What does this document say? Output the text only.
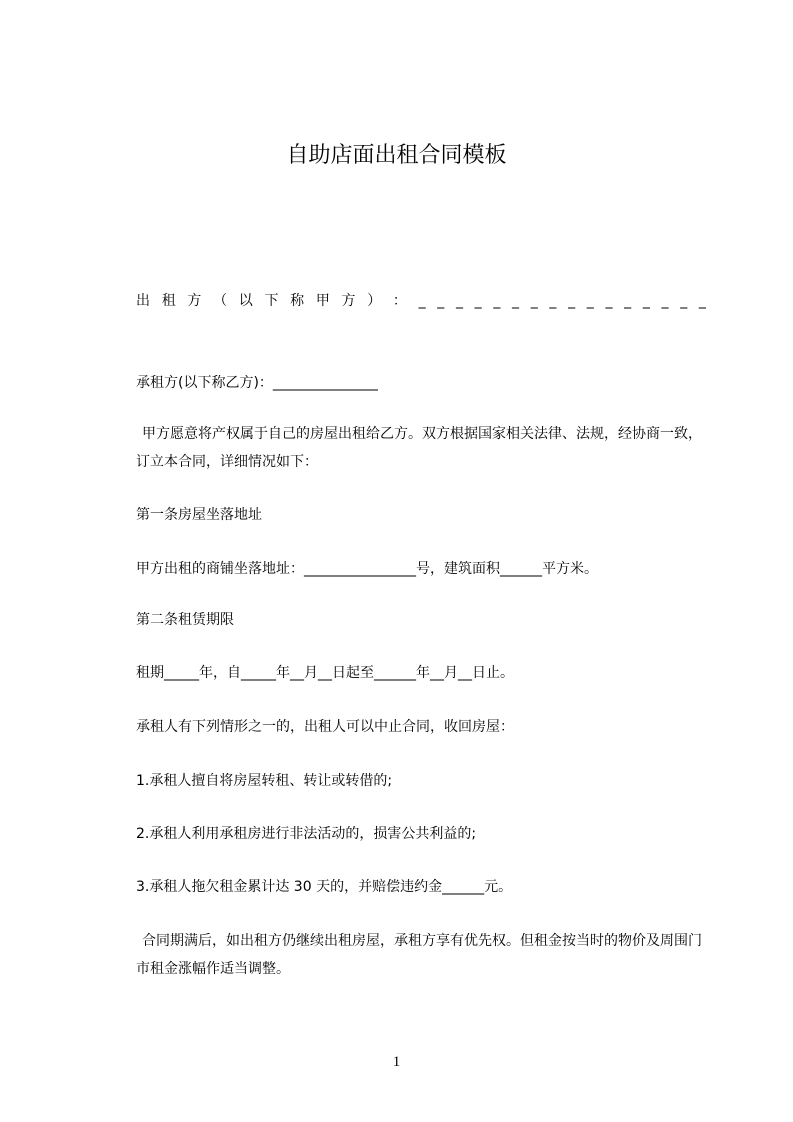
自助店面出租合同模板
出 租 方 （ 以 下 称 甲 方 ） ： _ _ _ _ _ _ _ _ _ _ _ _ _ _ _ _
承租方(以下称乙方)：_______________
甲方愿意将产权属于自己的房屋出租给乙方。双方根据国家相关法律、法规，经协商一致，订立本合同，详细情况如下：
第一条房屋坐落地址
甲方出租的商铺坐落地址：________________号，建筑面积______平方米。
第二条租赁期限
租期_____年，自_____年__月__日起至______年__月__日止。
承租人有下列情形之一的，出租人可以中止合同，收回房屋：
1.承租人擅自将房屋转租、转让或转借的;
2.承租人利用承租房进行非法活动的，损害公共利益的;
3.承租人拖欠租金累计达 30 天的，并赔偿违约金______元。
合同期满后，如出租方仍继续出租房屋，承租方享有优先权。但租金按当时的物价及周围门市租金涨幅作适当调整。
1
